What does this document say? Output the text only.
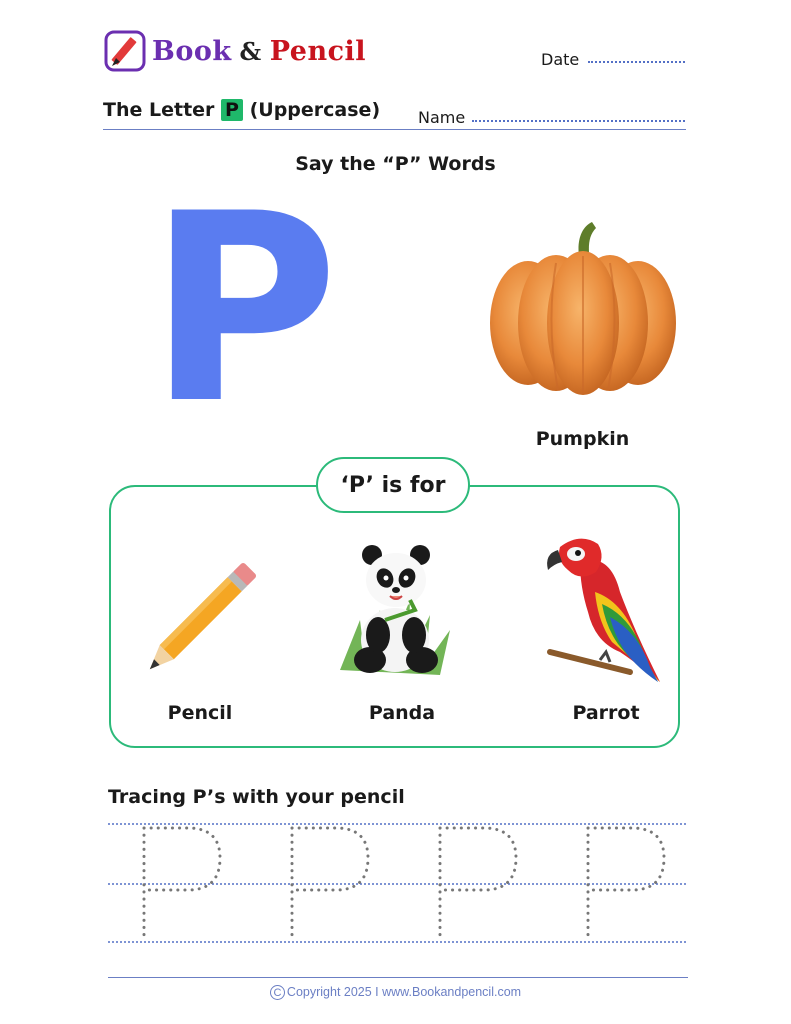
Book & Pencil	Date
The Letter P (Uppercase) Name
Say the “P” Words
P	Pumpkin
‘P’ is for
Pencil	Panda	Parrot
Tracing P’s with your pencil
C Copyright 2025 I www.Bookandpencil.com
